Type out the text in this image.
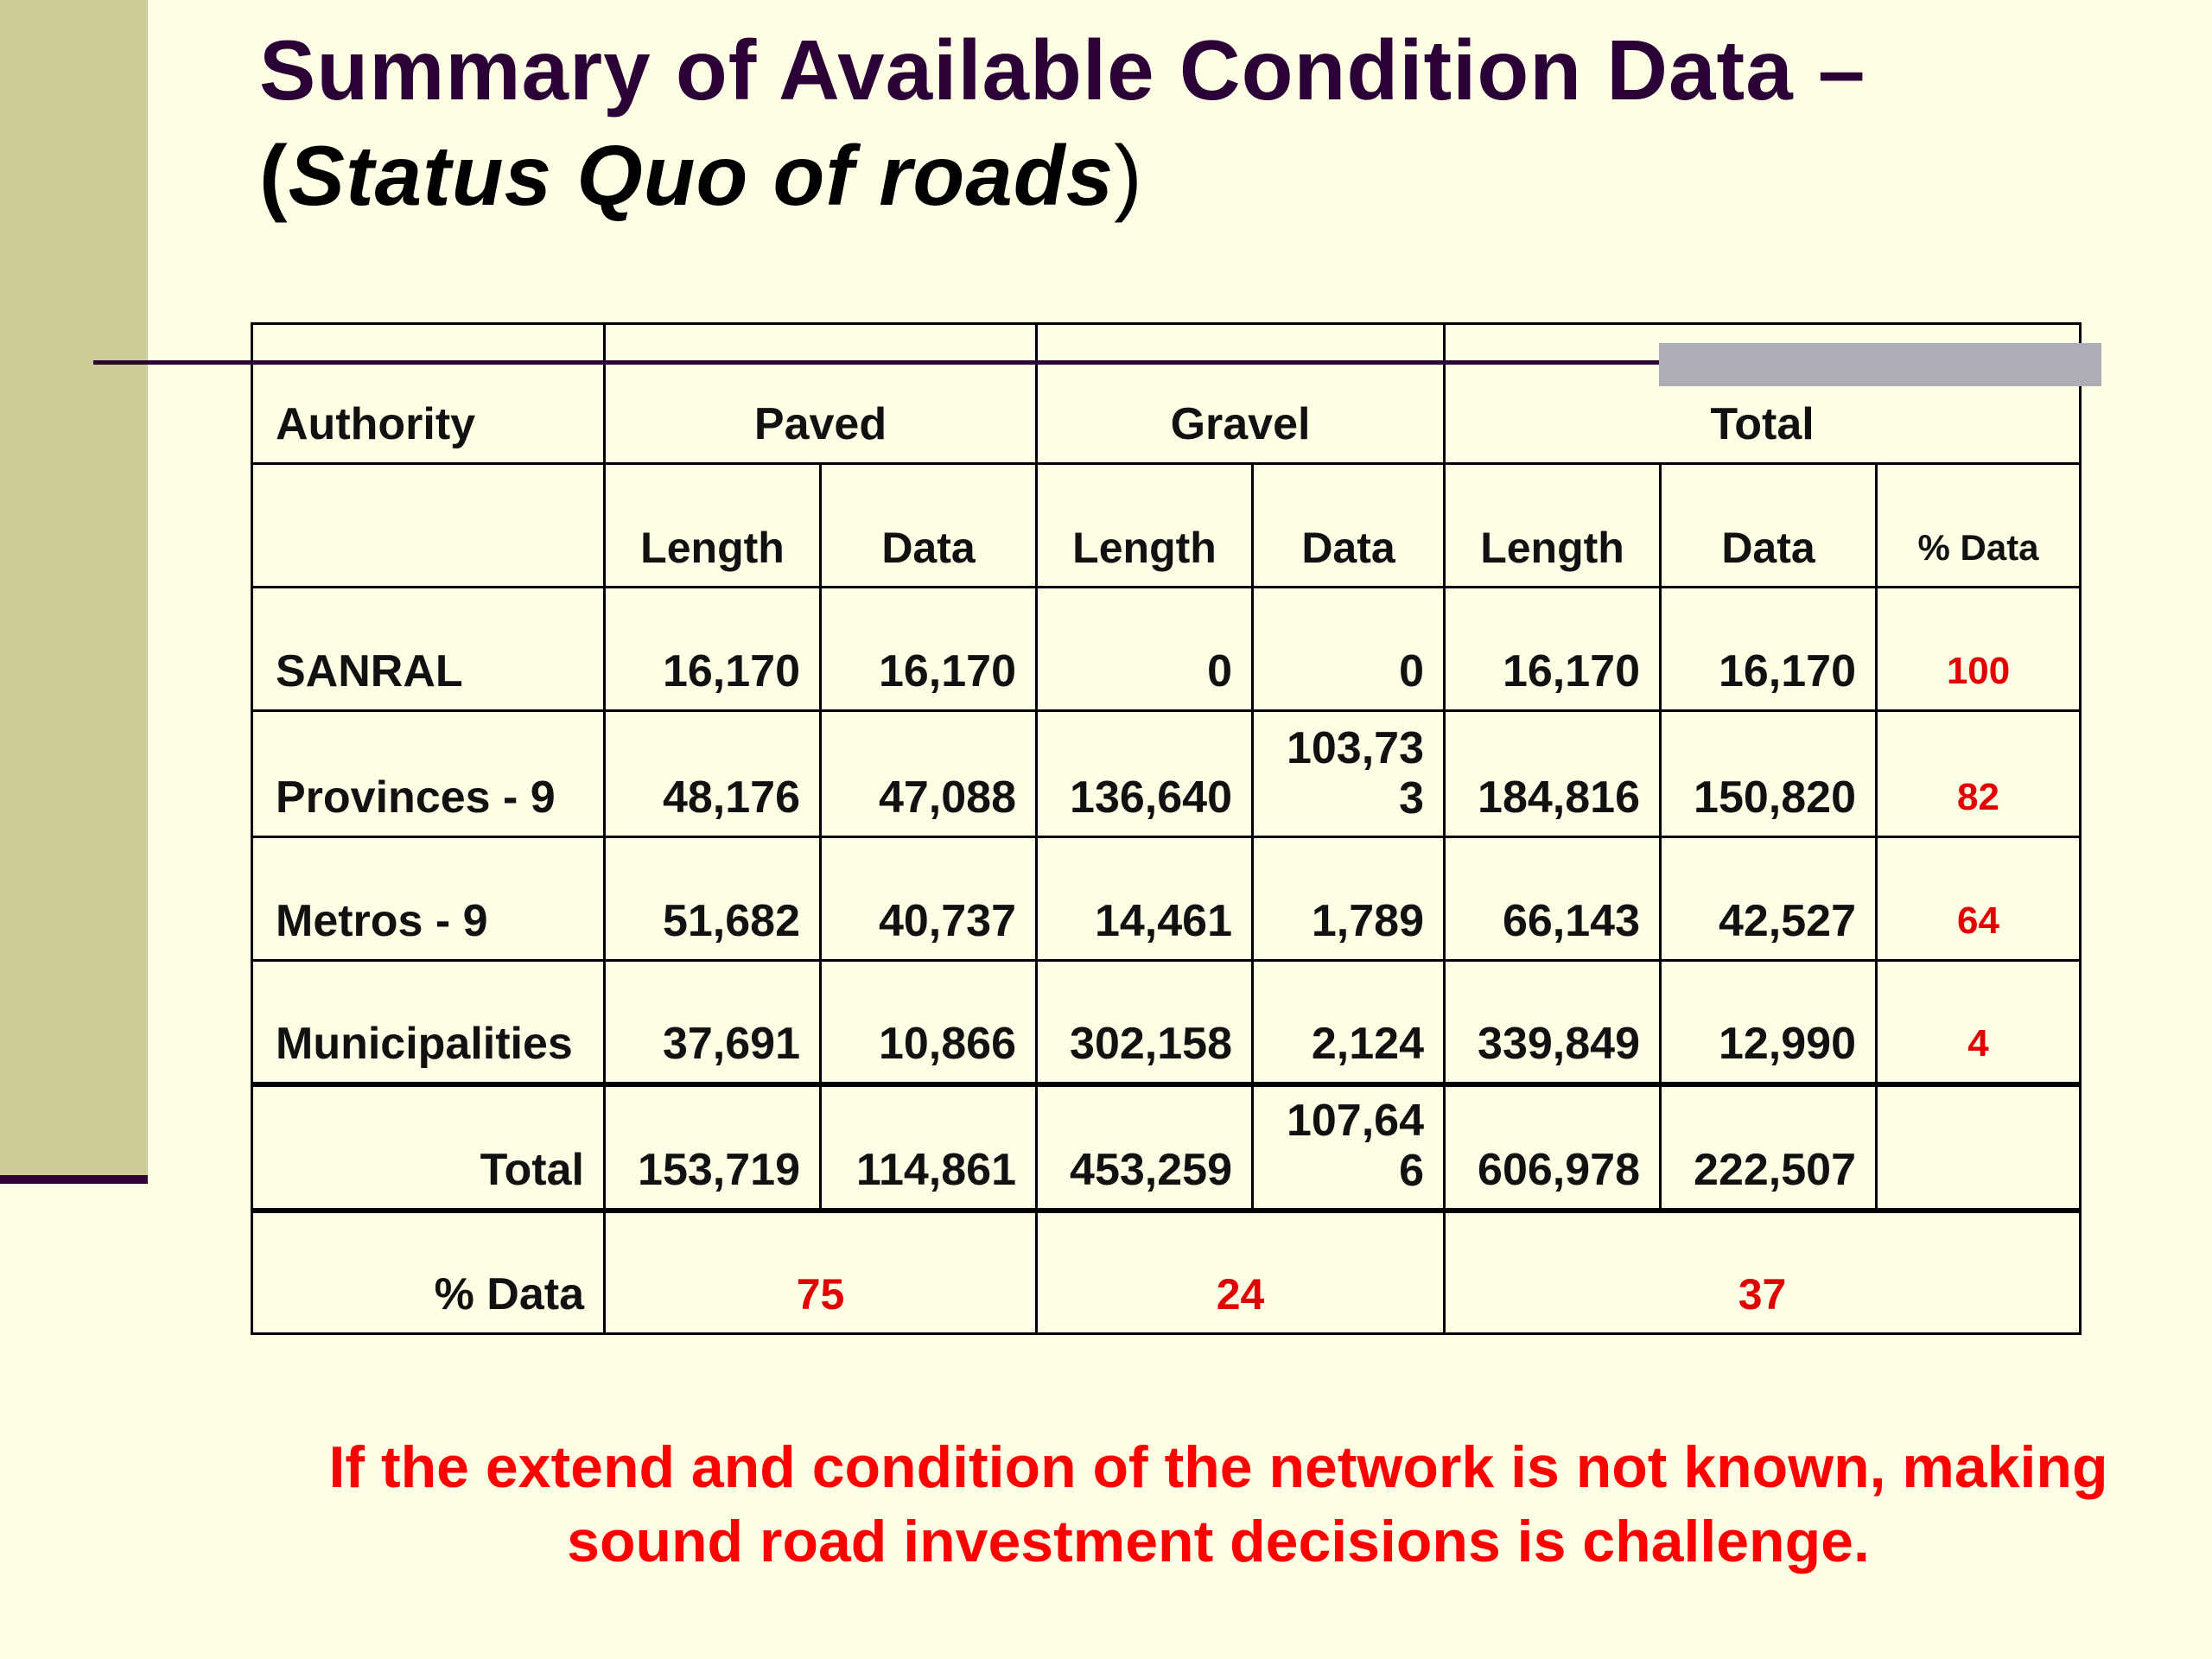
Summary of Available Condition Data –
(Status Quo of roads)
Authority	Paved		Gravel		Total		
	Length	Data	Length	Data	Length	Data	% Data
SANRAL	16,170	16,170	0	0	16,170	16,170	100
Provinces - 9	48,176	47,088	136,640	103,733	184,816	150,820	82
Metros - 9	51,682	40,737	14,461	1,789	66,143	42,527	64
Municipalities	37,691	10,866	302,158	2,124	339,849	12,990	4
Total	153,719	114,861	453,259	107,646	606,978	222,507	
% Data	75		24		37		
If the extend and condition of the network is not known, making
sound road investment decisions is challenge.
